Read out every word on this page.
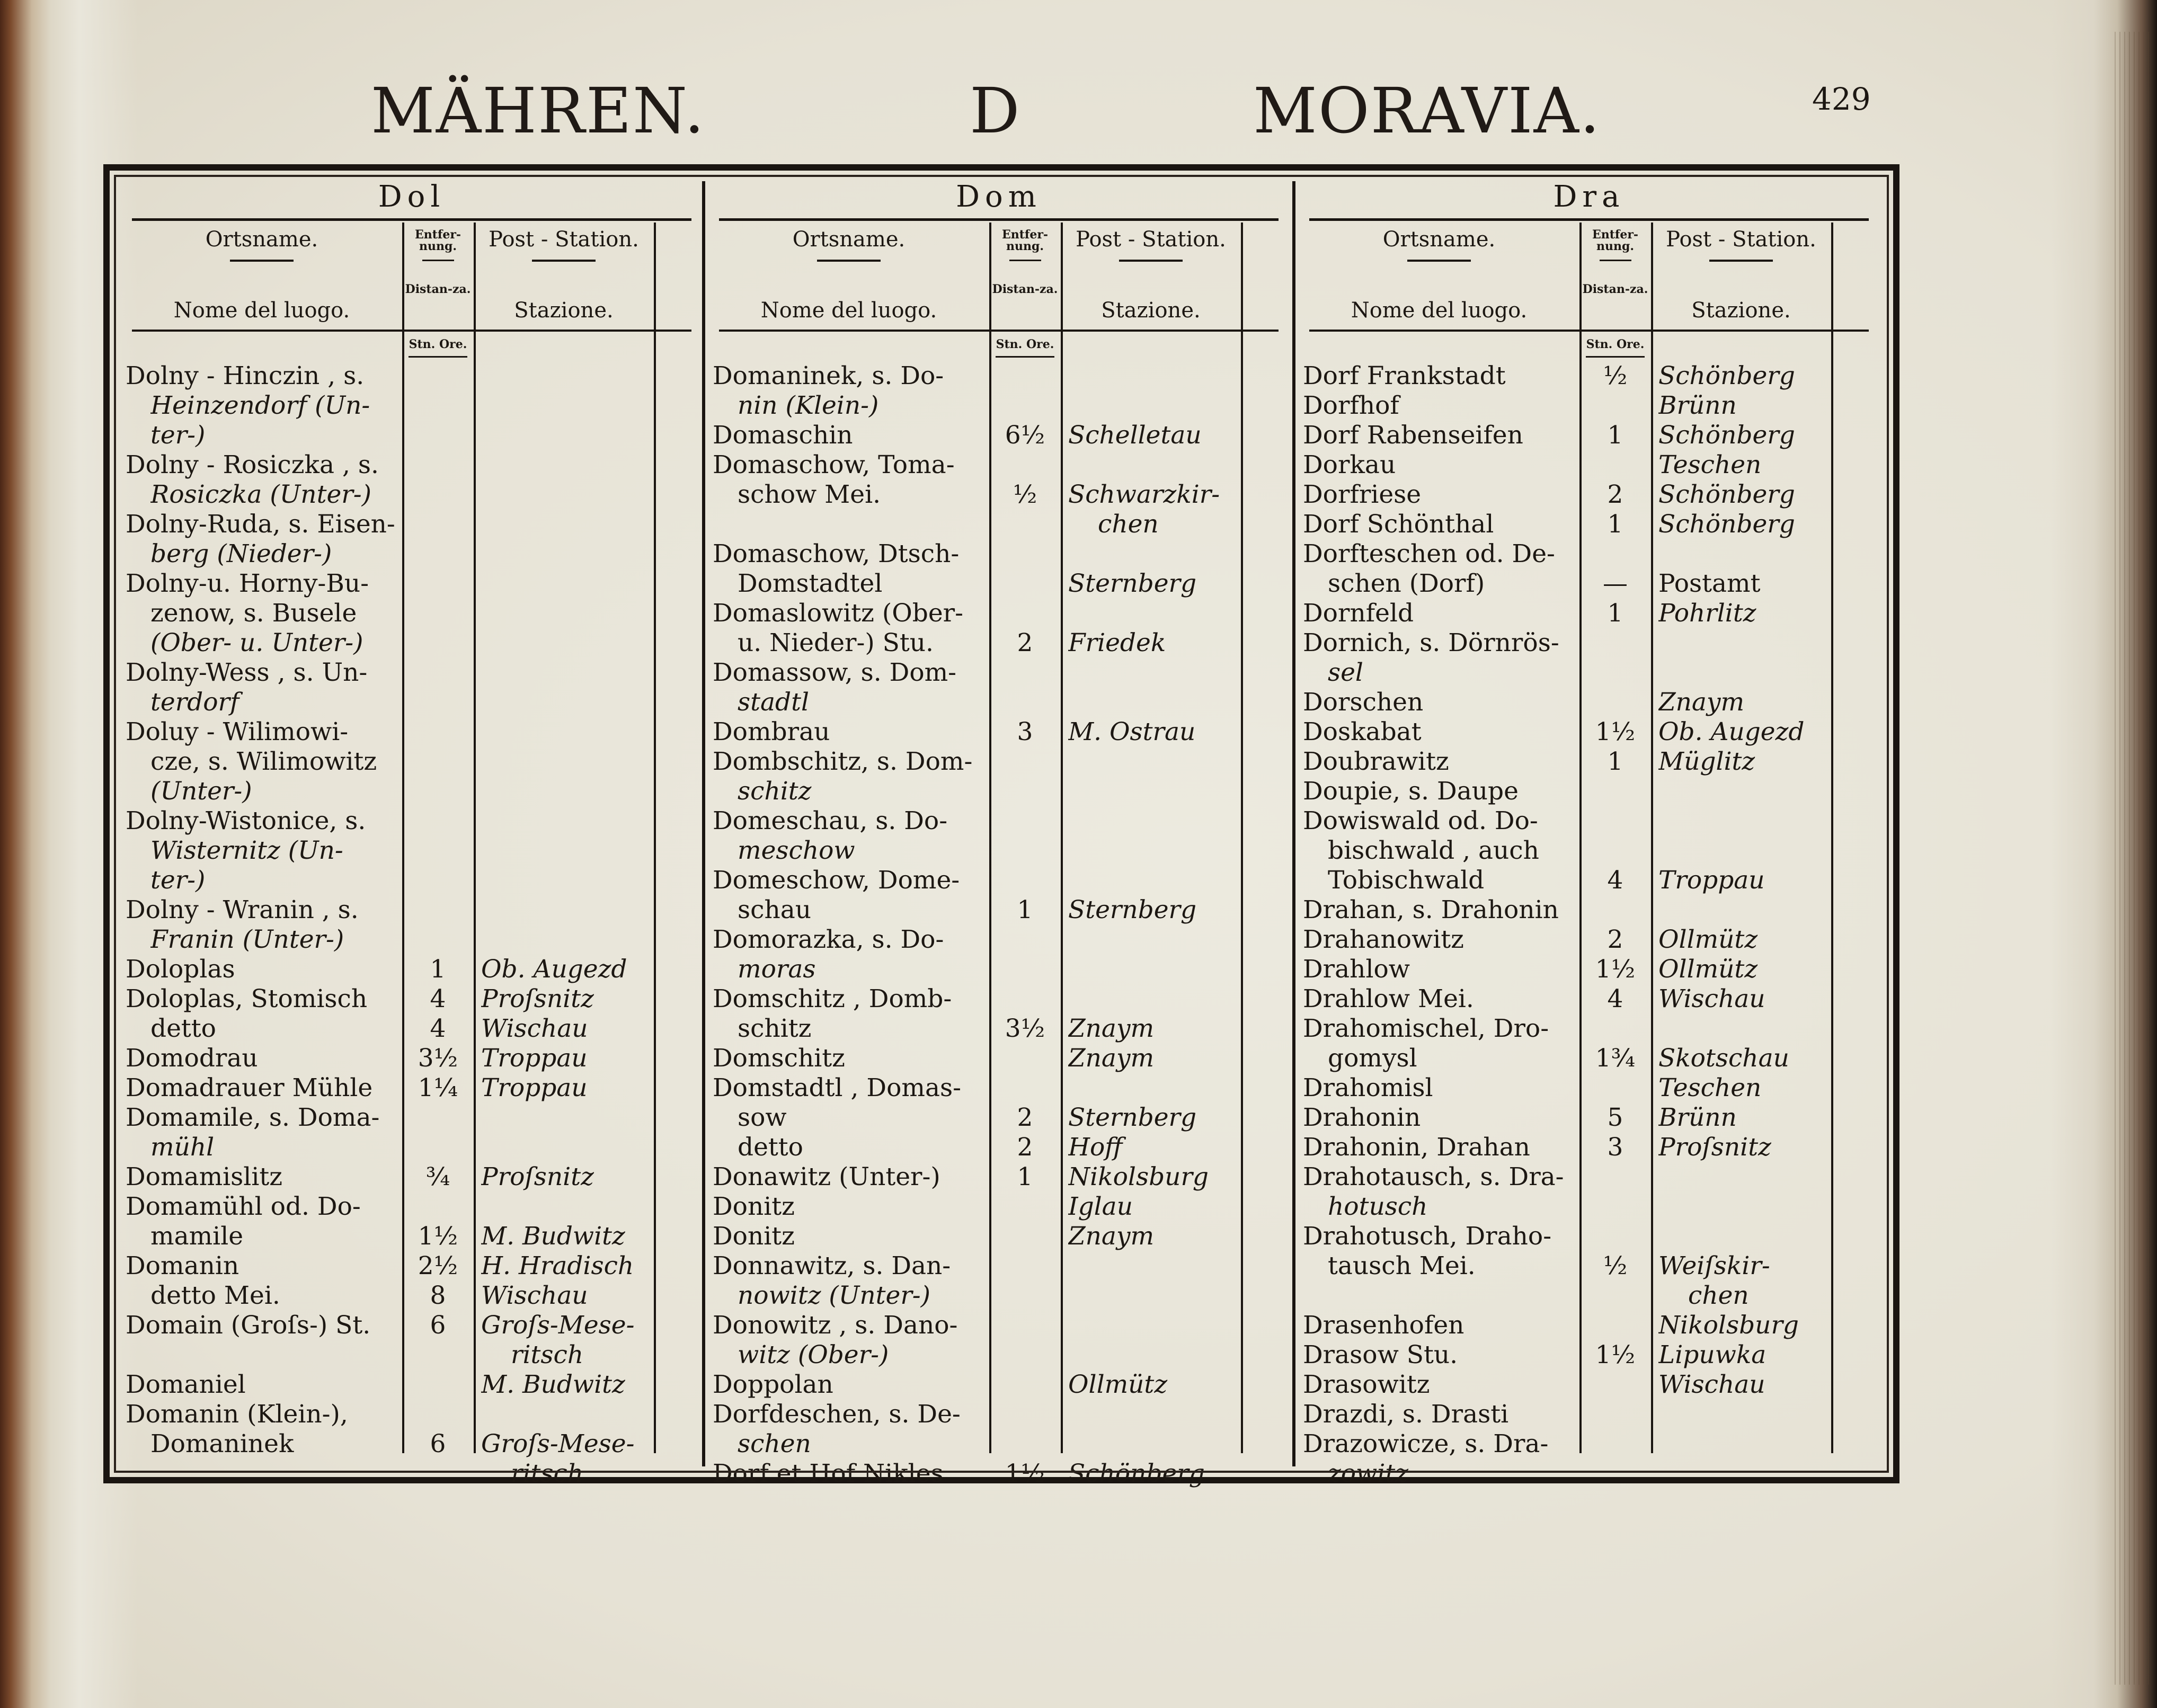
MÄHREN.	D	MORAVIA.	429
Dol
Ortsname.
Nome del luogo.
Entfer-nung.
Distan-za.
Post - Station.
Stazione.
Stn. Ore.
Dolny - Hinczin , s.
Heinzendorf (Un-
ter-)
Dolny - Rosiczka , s.
Rosiczka (Unter-)
Dolny-Ruda, s. Eisen-
berg (Nieder-)
Dolny-u. Horny-Bu-
zenow, s. Busele
(Ober- u. Unter-)
Dolny-Wess , s. Un-
terdorf
Doluy - Wilimowi-
cze, s. Wilimowitz
(Unter-)
Dolny-Wistonice, s.
Wisternitz (Un-
ter-)
Dolny - Wranin , s.
Franin (Unter-)
Doloplas	1	Ob. Augezd
Doloplas, Stomisch	4	Proſsnitz
detto	4	Wischau
Domodrau	3½ Troppau
Domadrauer Mühle	1¼ Troppau
Domamile, s. Doma-
mühl
Domamislitz	¾	Proſsnitz
Domamühl od. Do-
mamile	1½ M. Budwitz
Domanin	2½ H. Hradisch
detto Mei.	8	Wischau
Domain (Groſs-) St.	6	Groſs-Mese-
ritsch
Domaniel	M. Budwitz
Domanin (Klein-),
Domaninek	6	Groſs-Mese-
ritsch
Dom
Ortsname.
Nome del luogo.
Entfer-nung.
Distan-za.
Post - Station.
Stazione.
Stn. Ore.
Domaninek, s. Do-
nin (Klein-)
Domaschin	6½ Schelletau
Domaschow, Toma-
schow Mei.	½	Schwarzkir-
chen
Domaschow, Dtsch-
Domstadtel	Sternberg
Domaslowitz (Ober-
u. Nieder-) Stu.	2	Friedek
Domassow, s. Dom-
stadtl
Dombrau	3	M. Ostrau
Dombschitz, s. Dom-
schitz
Domeschau, s. Do-
meschow
Domeschow, Dome-
schau	1	Sternberg
Domorazka, s. Do-
moras
Domschitz , Domb-
schitz	3½ Znaym
Domschitz	Znaym
Domstadtl , Domas-
sow	2	Sternberg
detto	2	Hoff
Donawitz (Unter-)	1	Nikolsburg
Donitz	Iglau
Donitz	Znaym
Donnawitz, s. Dan-
nowitz (Unter-)
Donowitz , s. Dano-
witz (Ober-)
Doppolan	Ollmütz
Dorfdeschen, s. De-
schen
Dorf et Hof Nikles	1½ Schönberg
Dra
Ortsname.
Nome del luogo.
Entfer-nung.
Distan-za.
Post - Station.
Stazione.
Stn. Ore.
Dorf Frankstadt	½	Schönberg
Dorfhof	Brünn
Dorf Rabenseifen	1	Schönberg
Dorkau	Teschen
Dorfriese	2	Schönberg
Dorf Schönthal	1	Schönberg
Dorfteschen od. De-
schen (Dorf)	—	Postamt
Dornfeld	1	Pohrlitz
Dornich, s. Dörnrös-
sel
Dorschen	Znaym
Doskabat	1½ Ob. Augezd
Doubrawitz	1	Müglitz
Doupie, s. Daupe
Dowiswald od. Do-
bischwald , auch
Tobischwald	4	Troppau
Drahan, s. Drahonin
Drahanowitz	2	Ollmütz
Drahlow	1½ Ollmütz
Drahlow Mei.	4	Wischau
Drahomischel, Dro-
gomysl	1¾ Skotschau
Drahomisl	Teschen
Drahonin	5	Brünn
Drahonin, Drahan	3	Proſsnitz
Drahotausch, s. Dra-
hotusch
Drahotusch, Draho-
tausch Mei.	½	Weiſskir-
chen
Drasenhofen	Nikolsburg
Drasow Stu.	1½ Lipuwka
Drasowitz	Wischau
Drazdi, s. Drasti
Drazowicze, s. Dra-
zowitz
